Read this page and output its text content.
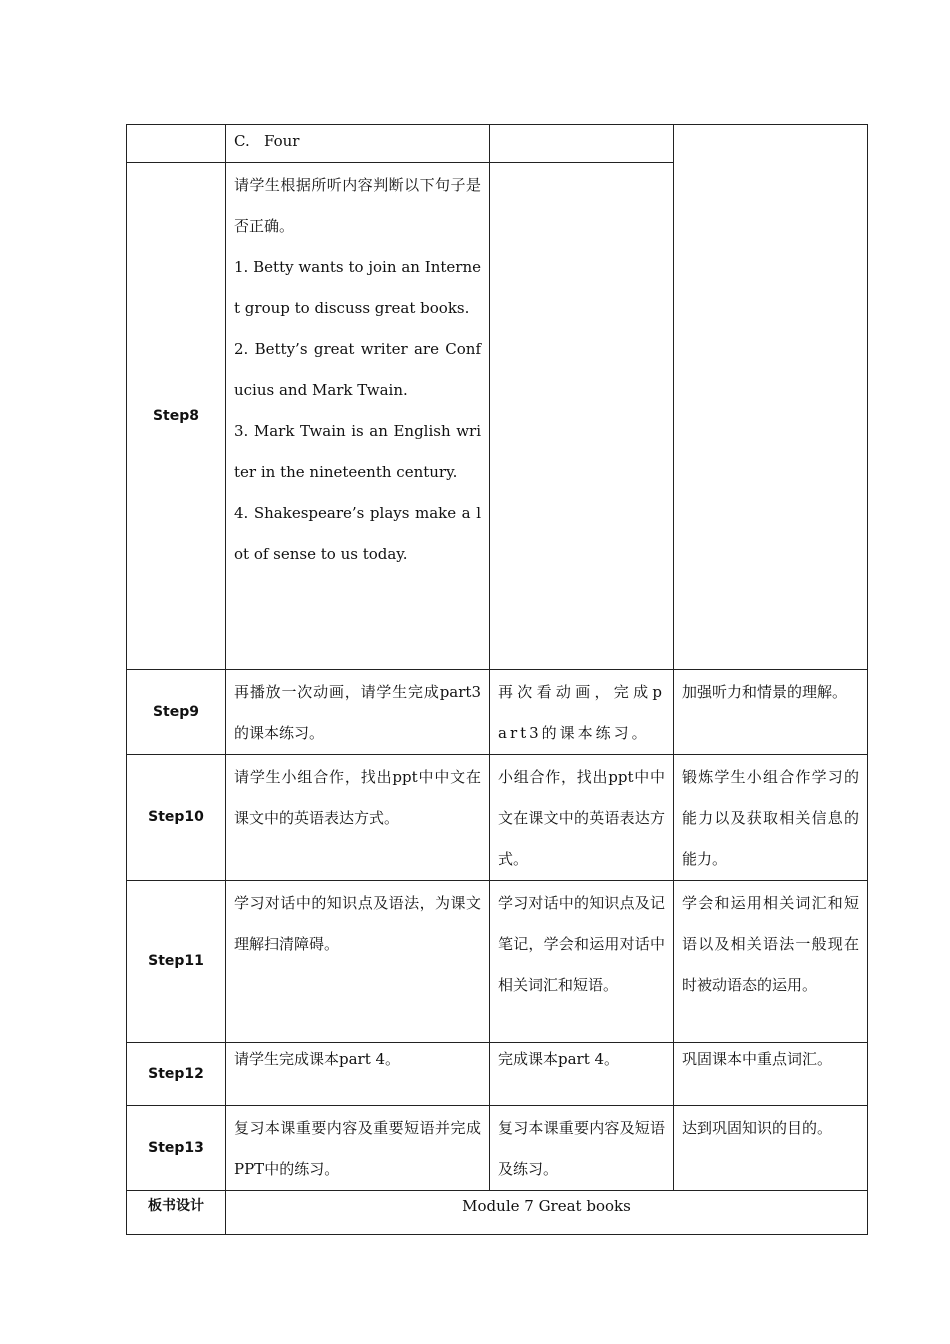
	C.   Four		
Step8	请学生根据所听内容判断以下句子是否正确。
1. Betty wants to join an Internet group to discuss great books.
2. Betty’s great writer are Confucius and Mark Twain.
3. Mark Twain is an English writer in the nineteenth century.
4. Shakespeare’s plays make a lot of sense to us today.		

Step9	再播放一次动画，请学生完成part3的课本练习。	再次看动画，完成part3的课本练习。	加强听力和情景的理解。
Step10	请学生小组合作，找出ppt中中文在课文中的英语表达方式。	小组合作，找出ppt中中文在课文中的英语表达方式。	锻炼学生小组合作学习的能力以及获取相关信息的能力。
Step11	学习对话中的知识点及语法，为课文理解扫清障碍。	学习对话中的知识点及记笔记，学会和运用对话中相关词汇和短语。	学会和运用相关词汇和短语以及相关语法一般现在时被动语态的运用。
Step12	请学生完成课本part 4。	完成课本part 4。	巩固课本中重点词汇。
Step13	复习本课重要内容及重要短语并完成PPT中的练习。	复习本课重要内容及短语及练习。	达到巩固知识的目的。
板书设计	Module 7 Great books		
